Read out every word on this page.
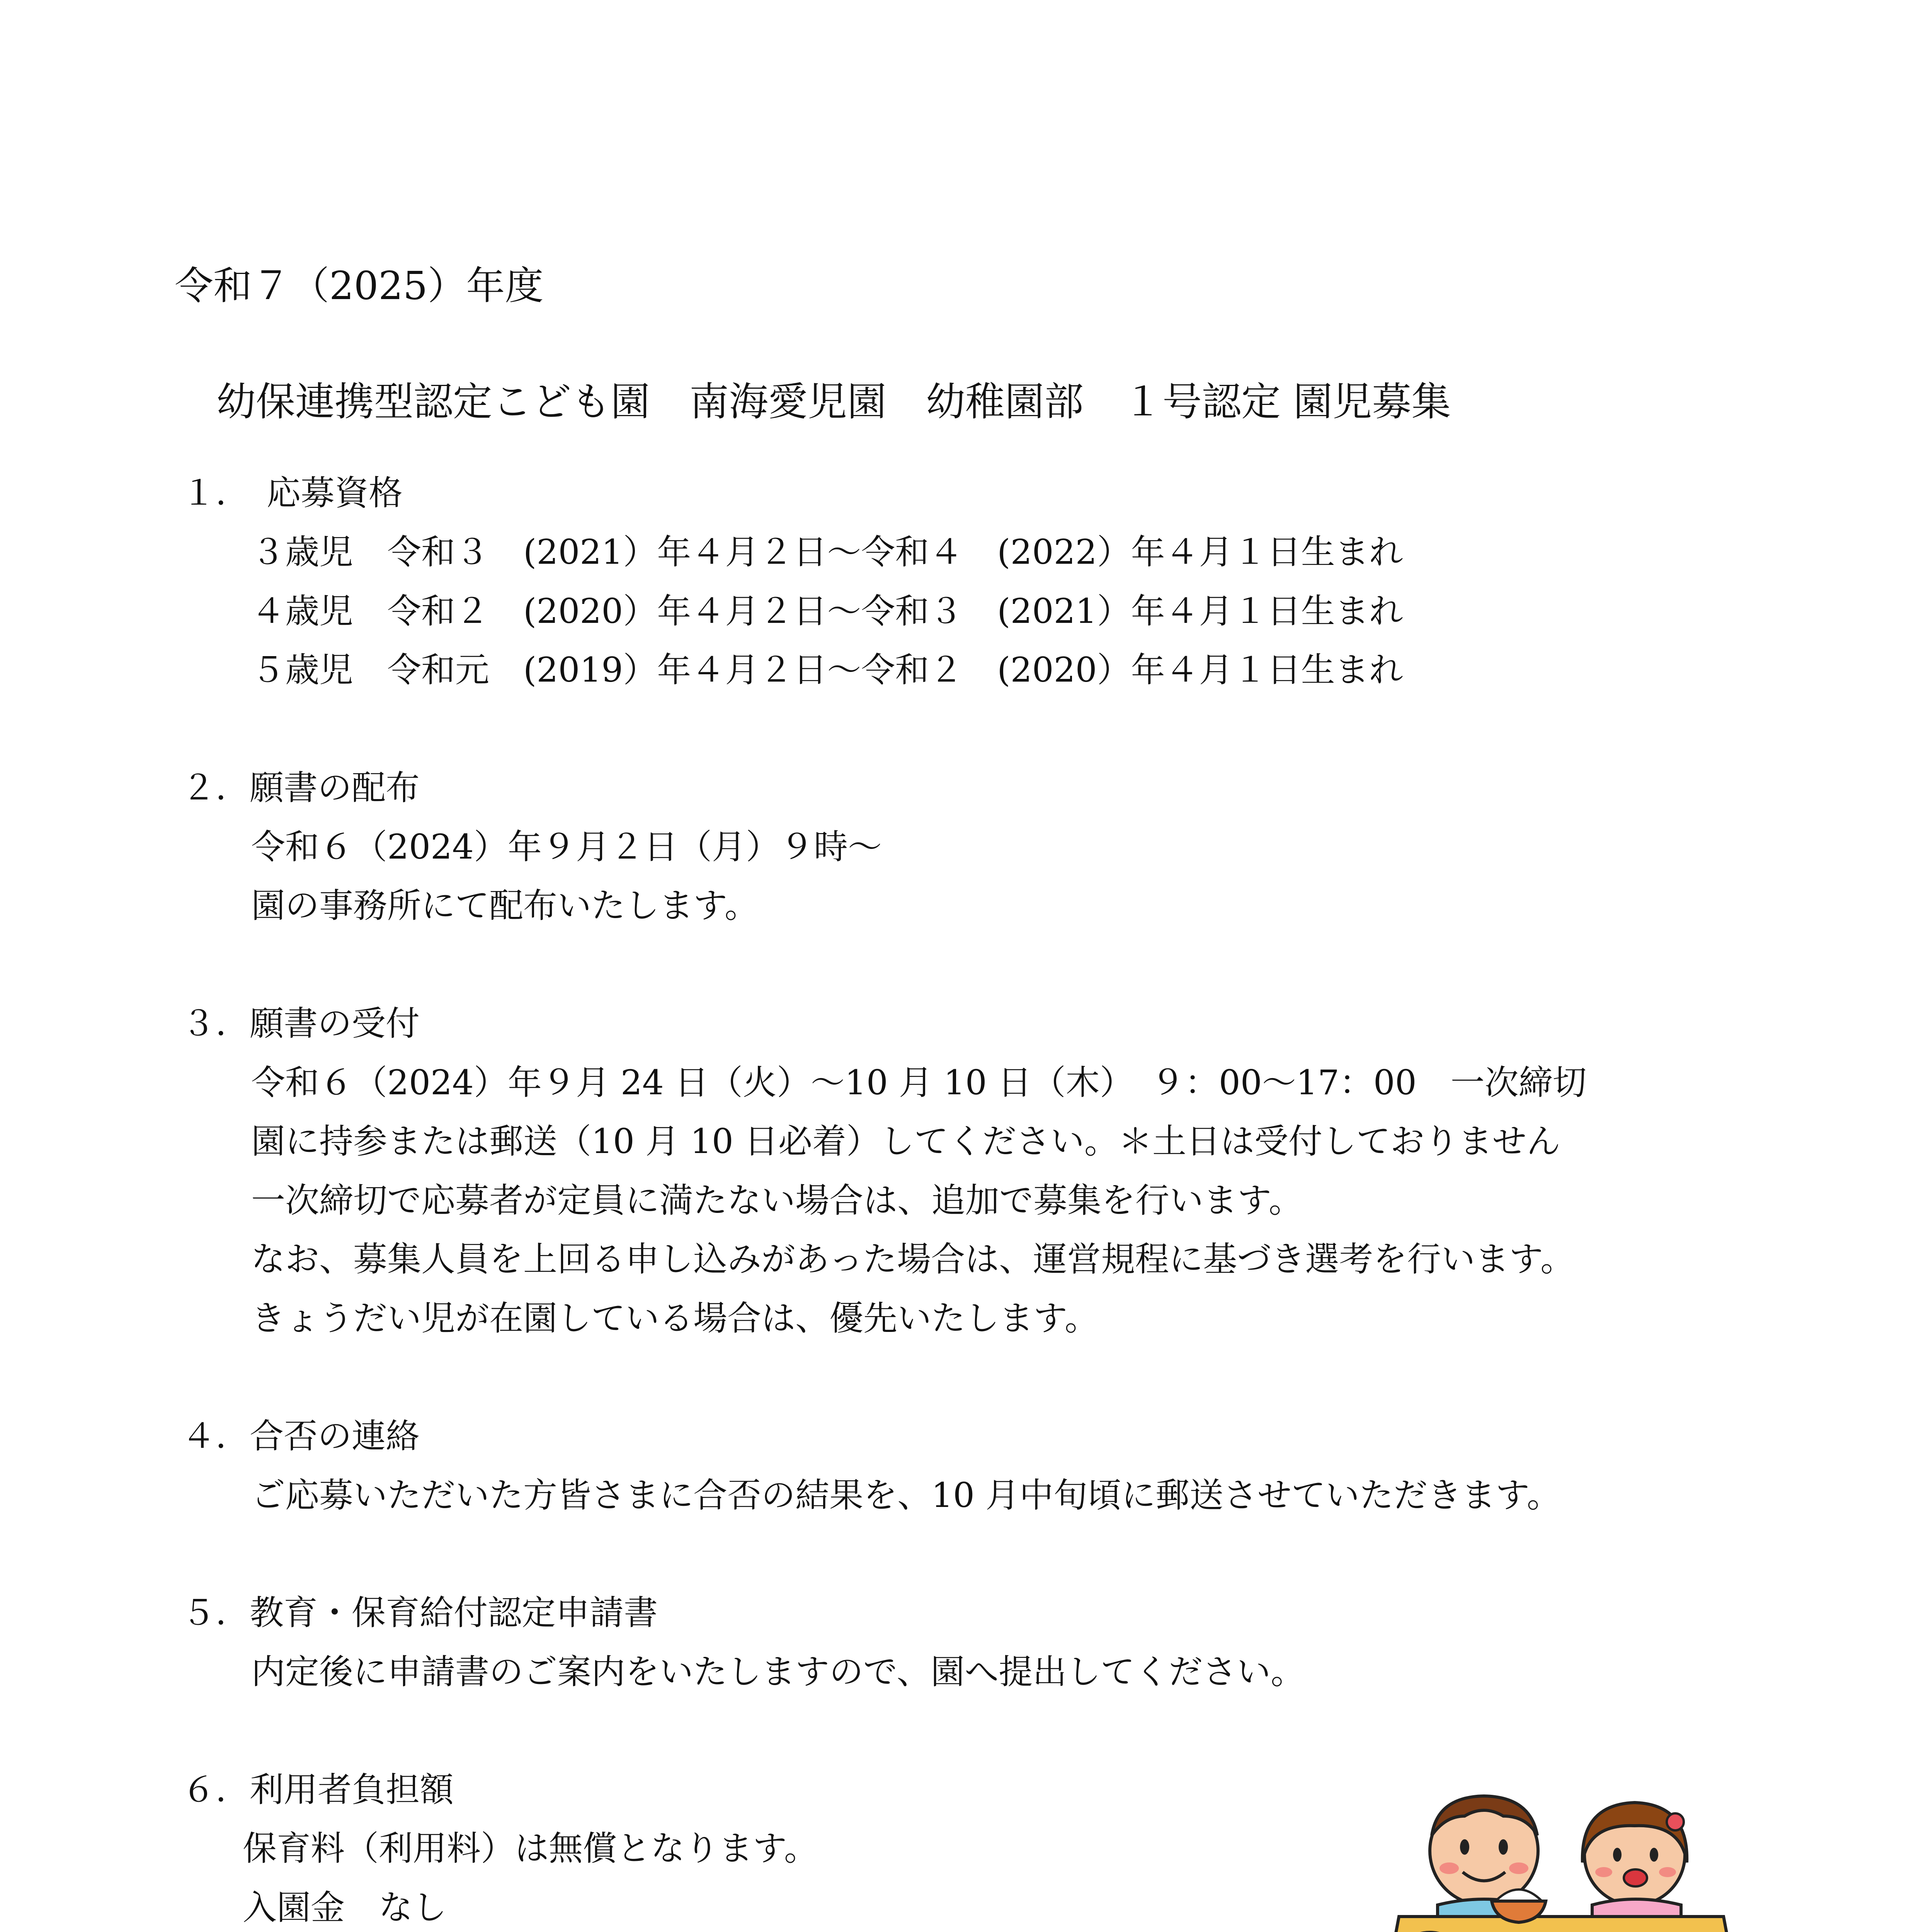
令和７（2025）年度
幼保連携型認定こども園　南海愛児園　幼稚園部　１号認定 園児募集
１．　応募資格
３歳児　令和３　(2021）年４月２日～令和４　(2022）年４月１日生まれ
４歳児　令和２　(2020）年４月２日～令和３　(2021）年４月１日生まれ
５歳児　令和元　(2019）年４月２日～令和２　(2020）年４月１日生まれ
２．願書の配布
令和６（2024）年９月２日（月）９時～
園の事務所にて配布いたします。
３．願書の受付
令和６（2024）年９月 24 日（火）～10 月 10 日（木）　９：00～17：00　一次締切
園に持参または郵送（10 月 10 日必着）してください。＊土日は受付しておりません
一次締切で応募者が定員に満たない場合は、追加で募集を行います。
なお、募集人員を上回る申し込みがあった場合は、運営規程に基づき選考を行います。
きょうだい児が在園している場合は、優先いたします。
４．合否の連絡
ご応募いただいた方皆さまに合否の結果を、10 月中旬頃に郵送させていただきます。
５．教育・保育給付認定申請書
内定後に申請書のご案内をいたしますので、園へ提出してください。
６．利用者負担額
保育料（利用料）は無償となります。
入園金　なし
